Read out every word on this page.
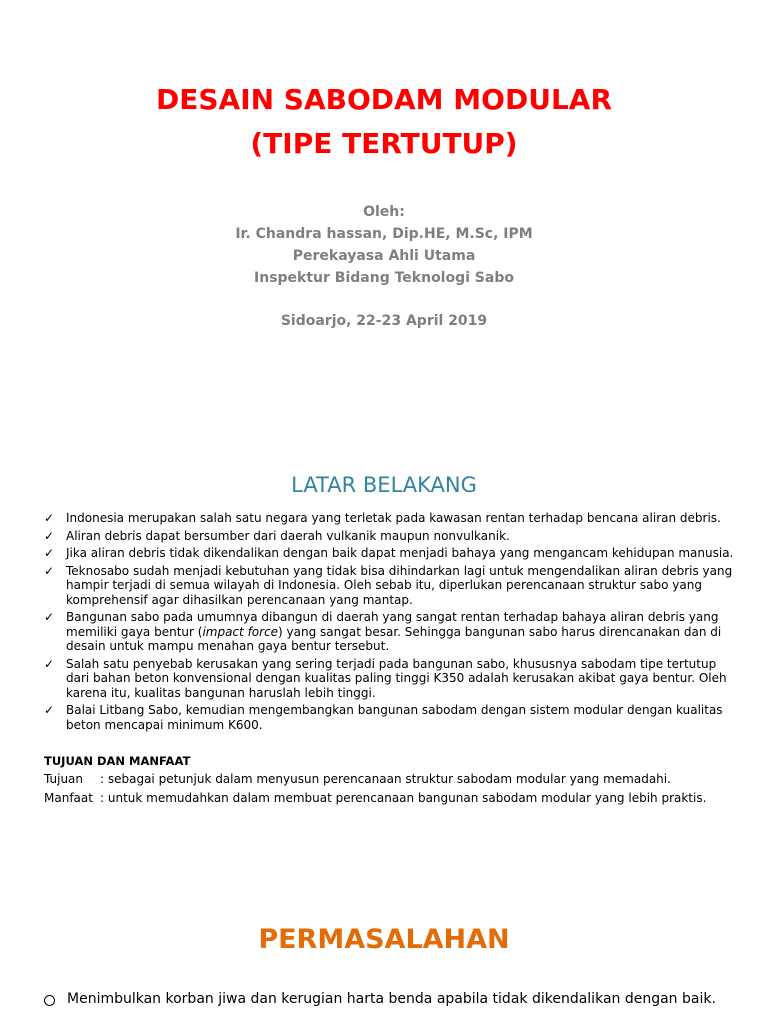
DESAIN SABODAM MODULAR
(TIPE TERTUTUP)
Oleh:
Ir. Chandra hassan, Dip.HE, M.Sc, IPM
Perekayasa Ahli Utama
Inspektur Bidang Teknologi Sabo
Sidoarjo, 22-23 April 2019
LATAR BELAKANG
✓ Indonesia merupakan salah satu negara yang terletak pada kawasan rentan terhadap bencana aliran debris.
✓ Aliran debris dapat bersumber dari daerah vulkanik maupun nonvulkanik.
✓ Jika aliran debris tidak dikendalikan dengan baik dapat menjadi bahaya yang mengancam kehidupan manusia.
✓ Teknosabo sudah menjadi kebutuhan yang tidak bisa dihindarkan lagi untuk mengendalikan aliran debris yang hampir terjadi di semua wilayah di Indonesia. Oleh sebab itu, diperlukan perencanaan struktur sabo yang komprehensif agar dihasilkan perencanaan yang mantap.
✓ Bangunan sabo pada umumnya dibangun di daerah yang sangat rentan terhadap bahaya aliran debris yang memiliki gaya bentur (impact force) yang sangat besar. Sehingga bangunan sabo harus direncanakan dan di desain untuk mampu menahan gaya bentur tersebut.
✓ Salah satu penyebab kerusakan yang sering terjadi pada bangunan sabo, khususnya sabodam tipe tertutup dari bahan beton konvensional dengan kualitas paling tinggi K350 adalah kerusakan akibat gaya bentur. Oleh karena itu, kualitas bangunan haruslah lebih tinggi.
✓ Balai Litbang Sabo, kemudian mengembangkan bangunan sabodam dengan sistem modular dengan kualitas beton mencapai minimum K600.
TUJUAN DAN MANFAAT
Tujuan : sebagai petunjuk dalam menyusun perencanaan struktur sabodam modular yang memadahi.
Manfaat : untuk memudahkan dalam membuat perencanaan bangunan sabodam modular yang lebih praktis.
PERMASALAHAN
Menimbulkan korban jiwa dan kerugian harta benda apabila tidak dikendalikan dengan baik.
